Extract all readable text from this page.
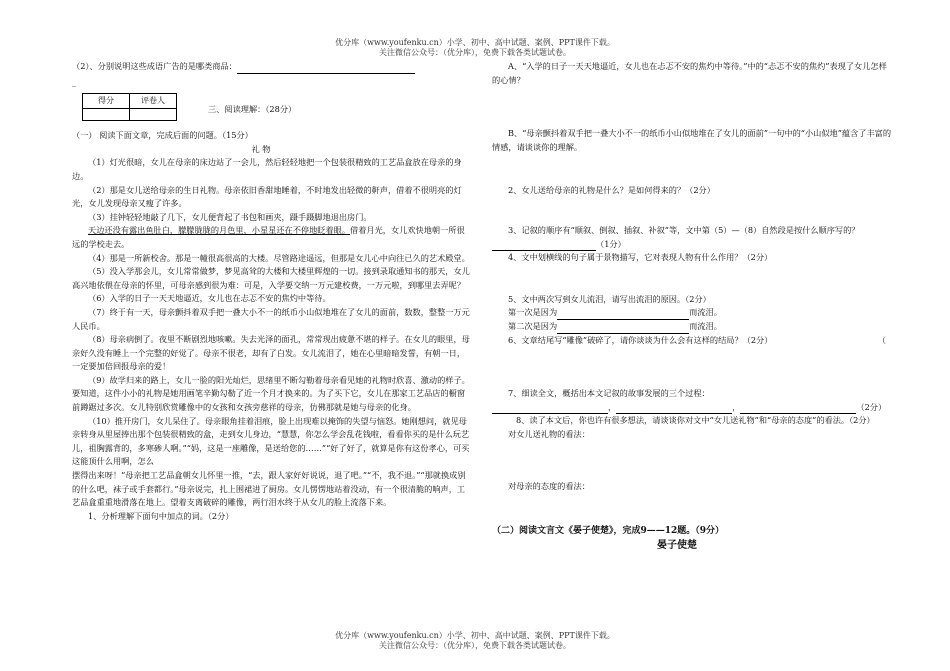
优分库（www.youfenku.cn）小学、初中、高中试题、案例、PPT课件下载。
关注微信公众号：（优分库），免费下载各类试题试卷。

（2）、分别说明这些成语广告的是哪类商品：

_

得分	评卷人

三、阅读理解：（28分）

（一） 阅读下面文章，完成后面的问题。（15分）

礼 物

（1）灯光很暗，女儿在母亲的床边站了一会儿，然后轻轻地把一个包装很精致的工艺品盒放在母亲的身边。

（2）那是女儿送给母亲的生日礼物。母亲依旧香甜地睡着，不时地发出轻微的鼾声，借着不很明亮的灯光，女儿发现母亲又瘦了许多。

（3）挂钟轻轻地敲了几下，女儿便背起了书包和画夹，蹑手蹑脚地退出房门。

天边还没有露出鱼肚白，朦朦胧胧的月色里，小星星还在不停地眨着眼。借着月光，女儿欢快地朝一所很远的学校走去。

（4）那是一所新校舍。那是一幢很高很高的大楼。尽管路途遥远，但那是女儿心中向往已久的艺术殿堂。

（5）没入学那会儿，女儿常常做梦，梦见高耸的大楼和大楼里辉煌的一切。接到录取通知书的那天，女儿高兴地依偎在母亲的怀里，可母亲感到很为难：可是，入学要交纳一万元建校费，一万元啦，到哪里去弄呢？

（6）入学的日子一天天地逼近，女儿也在忐忑不安的焦灼中等待。

（7）终于有一天，母亲颤抖着双手把一叠大小不一的纸币小山似地堆在了女儿的面前，数数，整整一万元人民币。

（8）母亲病倒了。夜里不断剧烈地咳嗽。失去光泽的面孔，常常现出疲惫不堪的样子。在女儿的眼里，母亲好久没有睡上一个完整的好觉了。母亲不很老，却有了白发。女儿流泪了，她在心里暗暗发誓，有朝一日，一定要加倍回报母亲的爱！

（9）故学归来的路上，女儿一脸的阳光灿烂，思绪里不断勾勒着母亲看见她的礼物时欣喜、激动的样子。要知道，这件小小的礼物是她用画笔辛勤勾勒了近一个月才换来的。为了买下它，女儿在那家工艺品店的橱窗前蹲踞过多次。女儿特别欣赏雕像中的女孩和女孩旁慈祥的母亲，仿佛那就是她与母亲的化身。

（10）推开房门，女儿呆住了。母亲眼角挂着泪痕，脸上出现难以掩饰的失望与恼怒。她刚想问，就见母亲转身从里屋捧出那个包装很精致的盒，走到女儿身边，“慧慧，你怎么学会乱花钱啦，看看你买的是什么玩艺儿，祖胸露背的，多寒碜人啊。”“妈，这是一座雕像，是送给您的……”“好了好了，就算是你有这份孝心，可买这能顶什么用啊，怎么

摆得出来呀！”母亲把工艺品盒朝女儿怀里一推，“去，跟人家好好说说，退了吧。”“不，我不退。”“那就换成别的什么吧，袜子或手套都行。”母亲说完，扎上围裙进了厨房。女儿愣愣地站着没动，有一个很清脆的响声，工艺品盒重重地滑落在地上。望着支离破碎的雕像，两行泪水终于从女儿的脸上流落下来。

1、分析理解下面句中加点的词。（2分）

A、“入学的日子一天天地逼近，女儿也在忐忑不安的焦灼中等待。”中的“忐忑不安的焦灼”表现了女儿怎样的心情？

B、“母亲颤抖着双手把一叠大小不一的纸币小山似地堆在了女儿的面前”一句中的“小山似地”蕴含了丰富的情感，请谈谈你的理解。

2、女儿送给母亲的礼物是什么？是如何得来的？（2分）

3、记叙的顺序有“顺叙、倒叙、插叙、补叙”等，文中第（5）—（8）自然段是按什么顺序写的？（1分）

4、文中划横线的句子属于景物描写，它对表现人物有什么作用？（2分）

5、文中两次写到女儿流泪，请写出流泪的原因。（2分）

第一次是因为	而流泪。

第二次是因为	而流泪。

6、文章结尾写“雕像”破碎了，请你谈谈为什么会有这样的结局？（2分）	（

7、细读全文，概括出本文记叙的故事发展的三个过程：

，	，	（2分）

8、读了本文后，你也许有很多想法，请谈谈你对文中“女儿送礼物”和“母亲的态度”的看法。（2分）

对女儿送礼物的看法：

对母亲的态度的看法：

（二）阅读文言文《晏子使楚》，完成9——12题。（9分）

晏子使楚

优分库（www.youfenku.cn）小学、初中、高中试题、案例、PPT课件下载。
关注微信公众号：（优分库），免费下载各类试题试卷。
